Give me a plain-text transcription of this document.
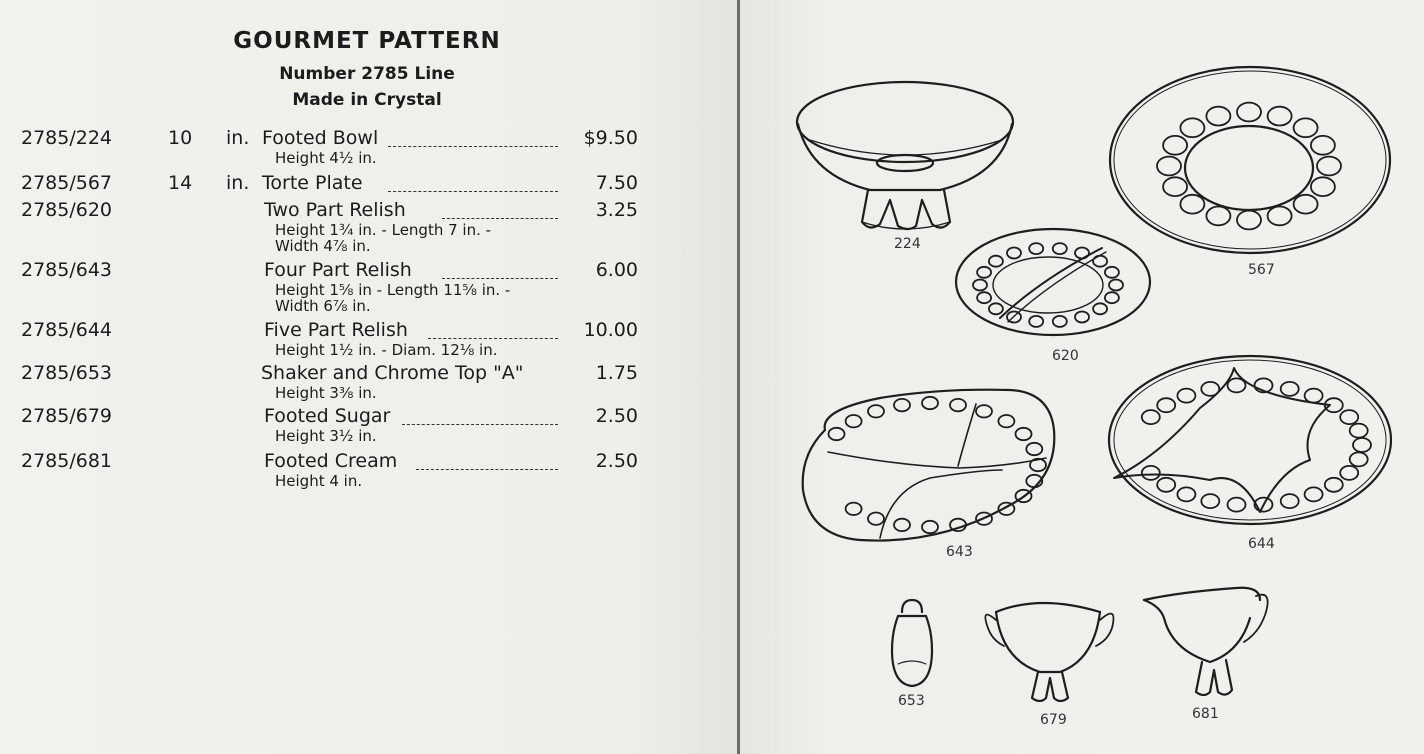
GOURMET PATTERN
Number 2785 Line
Made in Crystal
2785/224	10 in. Footed Bowl	$9.50
Height 4½ in.
2785/567	14 in. Torte Plate	7.50
2785/620	Two Part Relish	3.25
Height 1¾ in. - Length 7 in. -
Width 4⅞ in.
2785/643	Four Part Relish	6.00
Height 1⅝ in - Length 11⅝ in. -
Width 6⅞ in.
2785/644	Five Part Relish	10.00
Height 1½ in. - Diam. 12⅛ in.
2785/653	Shaker and Chrome Top "A"	1.75
Height 3⅜ in.
2785/679	Footed Sugar	2.50
Height 3½ in.
2785/681	Footed Cream	2.50
Height 4 in.
224
567
620
643	644
653
679	681
